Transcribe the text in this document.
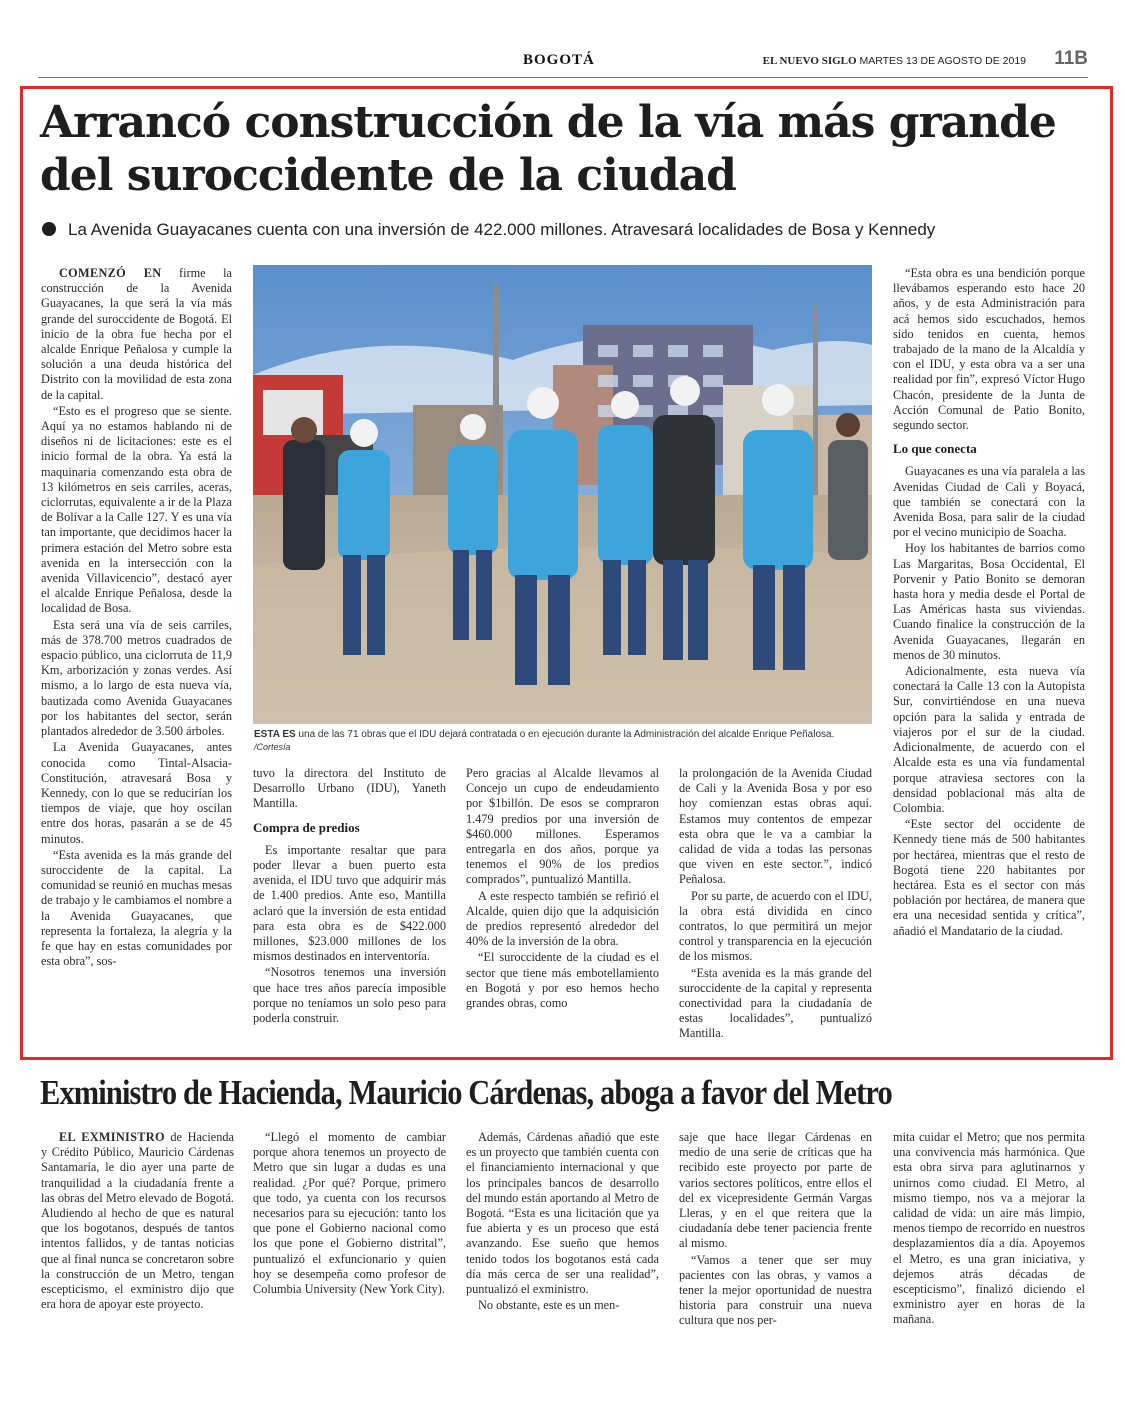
BOGOTÁ	EL NUEVO SIGLO MARTES 13 DE AGOSTO DE 2019 11B
Arrancó construcción de la vía más grande del suroccidente de la ciudad
La Avenida Guayacanes cuenta con una inversión de 422.000 millones. Atravesará localidades de Bosa y Kennedy

COMENZÓ EN firme la construcción de la Avenida Guayacanes, la que será la vía más grande del suroccidente de Bogotá. El inicio de la obra fue hecha por el alcalde Enrique Peñalosa y cumple la solución a una deuda histórica del Distrito con la movilidad de esta zona de la capital.

“Esto es el progreso que se siente. Aquí ya no estamos hablando ni de diseños ni de licitaciones: este es el inicio formal de la obra. Ya está la maquinaria comenzando esta obra de 13 kilómetros en seis carriles, aceras, ciclorrutas, equivalente a ir de la Plaza de Bolívar a la Calle 127. Y es una vía tan importante, que decidimos hacer la primera estación del Metro sobre esta avenida en la intersección con la avenida Villavicencio”, destacó ayer el alcalde Enrique Peñalosa, desde la localidad de Bosa.

Esta será una vía de seis carriles, más de 378.700 metros cuadrados de espacio público, una ciclorruta de 11,9 Km, arborización y zonas verdes. Así mismo, a lo largo de esta nueva vía, bautizada como Avenida Guayacanes por los habitantes del sector, serán plantados alrededor de 3.500 árboles.

La Avenida Guayacanes, antes conocida como Tintal-Alsacia-Constitución, atravesará Bosa y Kennedy, con lo que se reducirían los tiempos de viaje, que hoy oscilan entre dos horas, pasarán a se de 45 minutos.

“Esta avenida es la más grande del suroccidente de la capital. La comunidad se reunió en muchas mesas de trabajo y le cambiamos el nombre a la Avenida Guayacanes, que representa la fortaleza, la alegría y la fe que hay en estas comunidades por esta obra”, sos-

ESTA ES una de las 71 obras que el IDU dejará contratada o en ejecución durante la Administración del alcalde Enrique Peñalosa. /Cortesía

tuvo la directora del Instituto de Desarrollo Urbano (IDU), Yaneth Mantilla.

Compra de predios

Es importante resaltar que para poder llevar a buen puerto esta avenida, el IDU tuvo que adquirir más de 1.400 predios. Ante eso, Mantilla aclaró que la inversión de esta entidad para esta obra es de $422.000 millones, $23.000 millones de los mismos destinados en interventoría.

“Nosotros tenemos una inversión que hace tres años parecía imposible porque no teníamos un solo peso para poderla construir.

Pero gracias al Alcalde llevamos al Concejo un cupo de endeudamiento por $1billón. De esos se compraron 1.479 predios por una inversión de $460.000 millones. Esperamos entregarla en dos años, porque ya tenemos el 90% de los predios comprados”, puntualizó Mantilla.

A este respecto también se refirió el Alcalde, quien dijo que la adquisición de predios representó alrededor del 40% de la inversión de la obra.

“El suroccidente de la ciudad es el sector que tiene más embotellamiento en Bogotá y por eso hemos hecho grandes obras, como

la prolongación de la Avenida Ciudad de Cali y la Avenida Bosa y por eso hoy comienzan estas obras aquí. Estamos muy contentos de empezar esta obra que le va a cambiar la calidad de vida a todas las personas que viven en este sector.”, indicó Peñalosa.

Por su parte, de acuerdo con el IDU, la obra está dividida en cinco contratos, lo que permitirá un mejor control y transparencia en la ejecución de los mismos.

“Esta avenida es la más grande del suroccidente de la capital y representa conectividad para la ciudadanía de estas localidades”, puntualizó Mantilla.

“Esta obra es una bendición porque llevábamos esperando esto hace 20 años, y de esta Administración para acá hemos sido escuchados, hemos sido tenidos en cuenta, hemos trabajado de la mano de la Alcaldía y con el IDU, y esta obra va a ser una realidad por fin”, expresó Víctor Hugo Chacón, presidente de la Junta de Acción Comunal de Patio Bonito, segundo sector.

Lo que conecta

Guayacanes es una vía paralela a las Avenidas Ciudad de Cali y Boyacá, que también se conectará con la Avenida Bosa, para salir de la ciudad por el vecino municipio de Soacha.

Hoy los habitantes de barrios como Las Margaritas, Bosa Occidental, El Porvenir y Patio Bonito se demoran hasta hora y media desde el Portal de Las Américas hasta sus viviendas. Cuando finalice la construcción de la Avenida Guayacanes, llegarán en menos de 30 minutos.

Adicionalmente, esta nueva vía conectará la Calle 13 con la Autopista Sur, convirtiéndose en una nueva opción para la salida y entrada de viajeros por el sur de la ciudad. Adicionalmente, de acuerdo con el Alcalde esta es una vía fundamental porque atraviesa sectores con la densidad poblacional más alta de Colombia.

“Este sector del occidente de Kennedy tiene más de 500 habitantes por hectárea, mientras que el resto de Bogotá tiene 220 habitantes por hectárea. Esta es el sector con más población por hectárea, de manera que era una necesidad sentida y crítica”, añadió el Mandatario de la ciudad.

Exministro de Hacienda, Mauricio Cárdenas, aboga a favor del Metro

EL EXMINISTRO de Hacienda y Crédito Público, Mauricio Cárdenas Santamaría, le dio ayer una parte de tranquilidad a la ciudadanía frente a las obras del Metro elevado de Bogotá. Aludiendo al hecho de que es natural que los bogotanos, después de tantos intentos fallidos, y de tantas noticias que al final nunca se concretaron sobre la construcción de un Metro, tengan escepticismo, el exministro dijo que era hora de apoyar este proyecto.

“Llegó el momento de cambiar porque ahora tenemos un proyecto de Metro que sin lugar a dudas es una realidad. ¿Por qué? Porque, primero que todo, ya cuenta con los recursos necesarios para su ejecución: tanto los que pone el Gobierno nacional como los que pone el Gobierno distrital”, puntualizó el exfuncionario y quien hoy se desempeña como profesor de Columbia University (New York City).

Además, Cárdenas añadió que este es un proyecto que también cuenta con el financiamiento internacional y que los principales bancos de desarrollo del mundo están aportando al Metro de Bogotá. “Esta es una licitación que ya fue abierta y es un proceso que está avanzando. Ese sueño que hemos tenido todos los bogotanos está cada día más cerca de ser una realidad”, puntualizó el exministro.

No obstante, este es un men-

saje que hace llegar Cárdenas en medio de una serie de críticas que ha recibido este proyecto por parte de varios sectores políticos, entre ellos el del ex vicepresidente Germán Vargas Lleras, y en el que reitera que la ciudadanía debe tener paciencia frente al mismo.

“Vamos a tener que ser muy pacientes con las obras, y vamos a tener la mejor oportunidad de nuestra historia para construir una nueva cultura que nos per-

mita cuidar el Metro; que nos permita una convivencia más harmónica. Que esta obra sirva para aglutinarnos y unirnos como ciudad. El Metro, al mismo tiempo, nos va a mejorar la calidad de vida: un aire más limpio, menos tiempo de recorrido en nuestros desplazamientos día a día. Apoyemos el Metro, es una gran iniciativa, y dejemos atrás décadas de escepticismo”, finalizó diciendo el exministro ayer en horas de la mañana.
